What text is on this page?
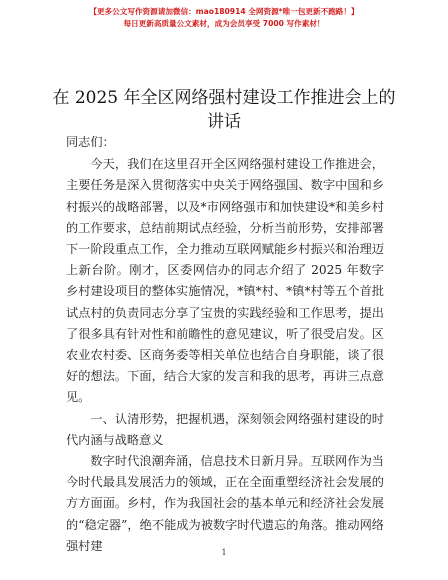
【更多公文写作资源请加微信：mao180914 全网资源*唯一包更新不跑路！】
每日更新高质量公文素材，成为会员享受 7000 写作素材！
在 2025 年全区网络强村建设工作推进会上的讲话

同志们：

今天，我们在这里召开全区网络强村建设工作推进会，主要任务是深入贯彻落实中央关于网络强国、数字中国和乡村振兴的战略部署，以及*市网络强市和加快建设*和美乡村的工作要求，总结前期试点经验，分析当前形势，安排部署下一阶段重点工作，全力推动互联网赋能乡村振兴和治理迈上新台阶。刚才，区委网信办的同志介绍了 2025 年数字乡村建设项目的整体实施情况，*镇*村、*镇*村等五个首批试点村的负责同志分享了宝贵的实践经验和工作思考，提出了很多具有针对性和前瞻性的意见建议，听了很受启发。区农业农村委、区商务委等相关单位也结合自身职能，谈了很好的想法。下面，结合大家的发言和我的思考，再讲三点意见。

一、认清形势，把握机遇，深刻领会网络强村建设的时代内涵与战略意义

数字时代浪潮奔涌，信息技术日新月异。互联网作为当今时代最具发展活力的领域，正在全面重塑经济社会发展的方方面面。乡村，作为我国社会的基本单元和经济社会发展的“稳定器”，绝不能成为被数字时代遗忘的角落。推动网络强村建	1
